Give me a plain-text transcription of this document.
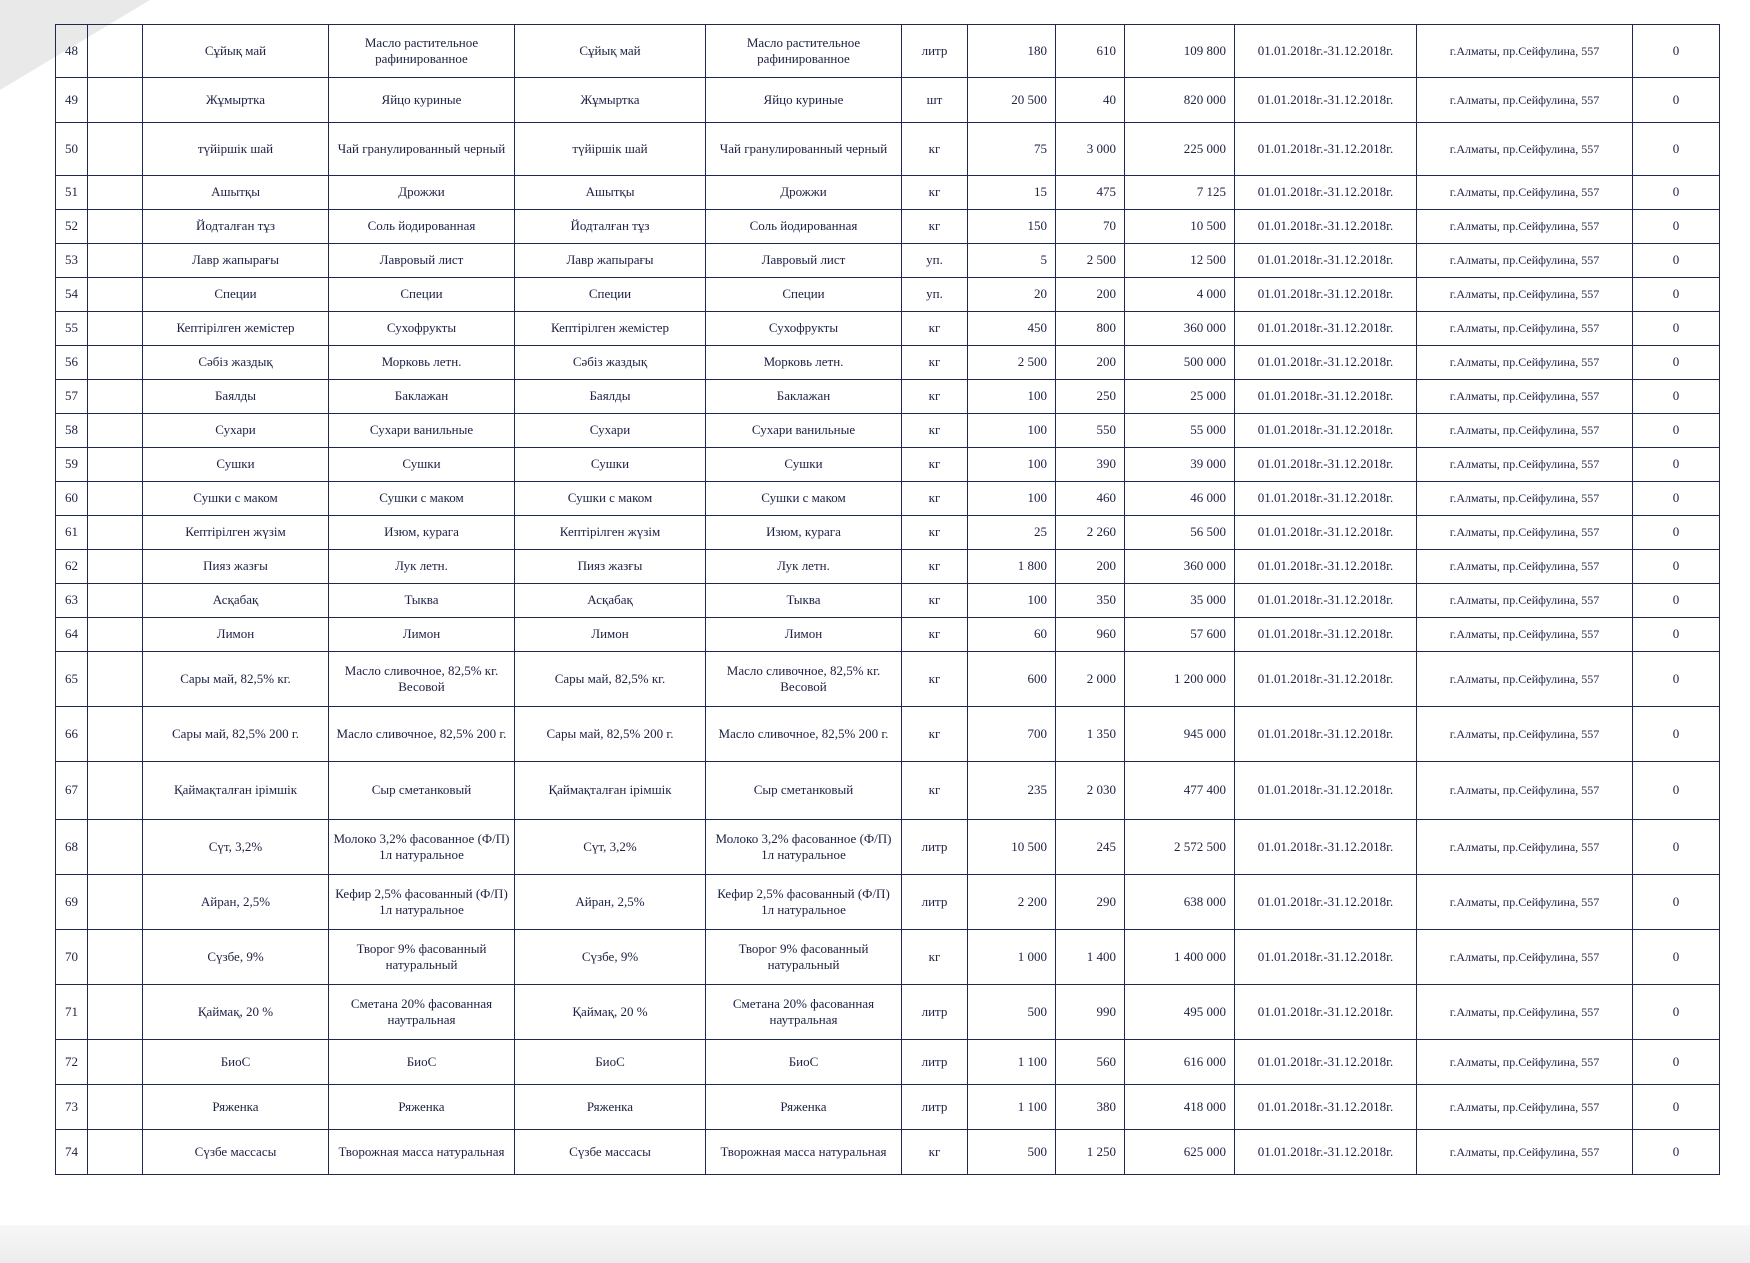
48		Сұйық май	Масло растительное рафинированное	Сұйық май	Масло растительное рафинированное	литр	180	610	109 800	01.01.2018г.-31.12.2018г.	г.Алматы, пр.Сейфулина, 557	0
49		Жұмыртка	Яйцо куриные	Жұмыртка	Яйцо куриные	шт	20 500	40	820 000	01.01.2018г.-31.12.2018г.	г.Алматы, пр.Сейфулина, 557	0
50		түйіршік шай	Чай гранулированный черный	түйіршік шай	Чай гранулированный черный	кг	75	3 000	225 000	01.01.2018г.-31.12.2018г.	г.Алматы, пр.Сейфулина, 557	0
51		Ашытқы	Дрожжи	Ашытқы	Дрожжи	кг	15	475	7 125	01.01.2018г.-31.12.2018г.	г.Алматы, пр.Сейфулина, 557	0
52		Йодталған тұз	Соль йодированная	Йодталған тұз	Соль йодированная	кг	150	70	10 500	01.01.2018г.-31.12.2018г.	г.Алматы, пр.Сейфулина, 557	0
53		Лавр жапырағы	Лавровый лист	Лавр жапырағы	Лавровый лист	уп.	5	2 500	12 500	01.01.2018г.-31.12.2018г.	г.Алматы, пр.Сейфулина, 557	0
54		Специи	Специи	Специи	Специи	уп.	20	200	4 000	01.01.2018г.-31.12.2018г.	г.Алматы, пр.Сейфулина, 557	0
55		Кептірілген жемістер	Сухофрукты	Кептірілген жемістер	Сухофрукты	кг	450	800	360 000	01.01.2018г.-31.12.2018г.	г.Алматы, пр.Сейфулина, 557	0
56		Сәбіз жаздық	Морковь летн.	Сәбіз жаздық	Морковь летн.	кг	2 500	200	500 000	01.01.2018г.-31.12.2018г.	г.Алматы, пр.Сейфулина, 557	0
57		Баялды	Баклажан	Баялды	Баклажан	кг	100	250	25 000	01.01.2018г.-31.12.2018г.	г.Алматы, пр.Сейфулина, 557	0
58		Сухари	Сухари ванильные	Сухари	Сухари ванильные	кг	100	550	55 000	01.01.2018г.-31.12.2018г.	г.Алматы, пр.Сейфулина, 557	0
59		Сушки	Сушки	Сушки	Сушки	кг	100	390	39 000	01.01.2018г.-31.12.2018г.	г.Алматы, пр.Сейфулина, 557	0
60		Сушки с маком	Сушки с маком	Сушки с маком	Сушки с маком	кг	100	460	46 000	01.01.2018г.-31.12.2018г.	г.Алматы, пр.Сейфулина, 557	0
61		Кептірілген жүзім	Изюм, курага	Кептірілген жүзім	Изюм, курага	кг	25	2 260	56 500	01.01.2018г.-31.12.2018г.	г.Алматы, пр.Сейфулина, 557	0
62		Пияз жазғы	Лук летн.	Пияз жазғы	Лук летн.	кг	1 800	200	360 000	01.01.2018г.-31.12.2018г.	г.Алматы, пр.Сейфулина, 557	0
63		Асқабақ	Тыква	Асқабақ	Тыква	кг	100	350	35 000	01.01.2018г.-31.12.2018г.	г.Алматы, пр.Сейфулина, 557	0
64		Лимон	Лимон	Лимон	Лимон	кг	60	960	57 600	01.01.2018г.-31.12.2018г.	г.Алматы, пр.Сейфулина, 557	0
65		Сары май, 82,5% кг.	Масло сливочное, 82,5% кг. Весовой	Сары май, 82,5% кг.	Масло сливочное, 82,5% кг. Весовой	кг	600	2 000	1 200 000	01.01.2018г.-31.12.2018г.	г.Алматы, пр.Сейфулина, 557	0
66		Сары май, 82,5% 200 г.	Масло сливочное, 82,5% 200 г.	Сары май, 82,5% 200 г.	Масло сливочное, 82,5% 200 г.	кг	700	1 350	945 000	01.01.2018г.-31.12.2018г.	г.Алматы, пр.Сейфулина, 557	0
67		Қаймақталған ірімшік	Сыр сметанковый	Қаймақталған ірімшік	Сыр сметанковый	кг	235	2 030	477 400	01.01.2018г.-31.12.2018г.	г.Алматы, пр.Сейфулина, 557	0
68		Сүт, 3,2%	Молоко 3,2% фасованное (Ф/П) 1л натуральное	Сүт, 3,2%	Молоко 3,2% фасованное (Ф/П) 1л натуральное	литр	10 500	245	2 572 500	01.01.2018г.-31.12.2018г.	г.Алматы, пр.Сейфулина, 557	0
69		Айран, 2,5%	Кефир 2,5% фасованный (Ф/П) 1л натуральное	Айран, 2,5%	Кефир 2,5% фасованный (Ф/П) 1л натуральное	литр	2 200	290	638 000	01.01.2018г.-31.12.2018г.	г.Алматы, пр.Сейфулина, 557	0
70		Сүзбе, 9%	Творог 9% фасованный натуральный	Сүзбе, 9%	Творог 9% фасованный натуральный	кг	1 000	1 400	1 400 000	01.01.2018г.-31.12.2018г.	г.Алматы, пр.Сейфулина, 557	0
71		Қаймақ, 20 %	Сметана 20% фасованная наутральная	Қаймақ, 20 %	Сметана 20% фасованная наутральная	литр	500	990	495 000	01.01.2018г.-31.12.2018г.	г.Алматы, пр.Сейфулина, 557	0
72		БиоС	БиоС	БиоС	БиоС	литр	1 100	560	616 000	01.01.2018г.-31.12.2018г.	г.Алматы, пр.Сейфулина, 557	0
73		Ряженка	Ряженка	Ряженка	Ряженка	литр	1 100	380	418 000	01.01.2018г.-31.12.2018г.	г.Алматы, пр.Сейфулина, 557	0
74		Сүзбе массасы	Творожная масса натуральная	Сүзбе массасы	Творожная масса натуральная	кг	500	1 250	625 000	01.01.2018г.-31.12.2018г.	г.Алматы, пр.Сейфулина, 557	0
